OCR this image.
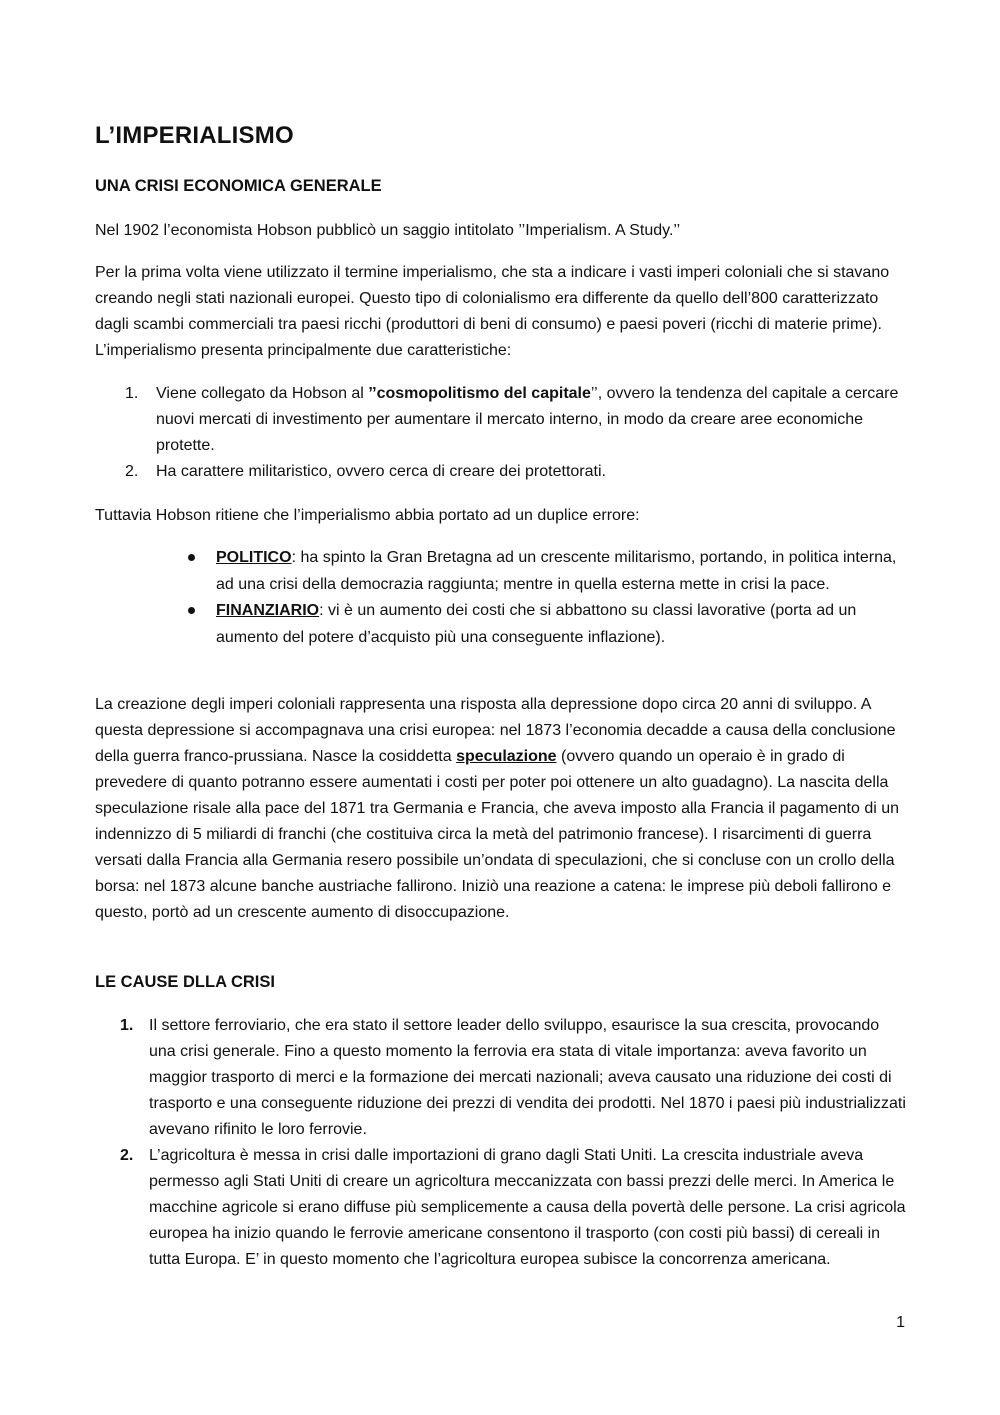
L’IMPERIALISMO
UNA CRISI ECONOMICA GENERALE

Nel 1902 l’economista Hobson pubblicò un saggio intitolato ’’Imperialism. A Study.’’

Per la prima volta viene utilizzato il termine imperialismo, che sta a indicare i vasti imperi coloniali che si stavano creando negli stati nazionali europei. Questo tipo di colonialismo era differente da quello dell’800 caratterizzato dagli scambi commerciali tra paesi ricchi (produttori di beni di consumo) e paesi poveri (ricchi di materie prime). L’imperialismo presenta principalmente due caratteristiche:

1. Viene collegato da Hobson al ’’cosmopolitismo del capitale’’, ovvero la tendenza del capitale a cercare nuovi mercati di investimento per aumentare il mercato interno, in modo da creare aree economiche protette.
2. Ha carattere militaristico, ovvero cerca di creare dei protettorati.

Tuttavia Hobson ritiene che l’imperialismo abbia portato ad un duplice errore:

POLITICO: ha spinto la Gran Bretagna ad un crescente militarismo, portando, in politica interna, ad una crisi della democrazia raggiunta; mentre in quella esterna mette in crisi la pace.
FINANZIARIO: vi è un aumento dei costi che si abbattono su classi lavorative (porta ad un aumento del potere d’acquisto più una conseguente inflazione).

La creazione degli imperi coloniali rappresenta una risposta alla depressione dopo circa 20 anni di sviluppo. A questa depressione si accompagnava una crisi europea: nel 1873 l’economia decadde a causa della conclusione della guerra franco-prussiana. Nasce la cosiddetta speculazione (ovvero quando un operaio è in grado di prevedere di quanto potranno essere aumentati i costi per poter poi ottenere un alto guadagno). La nascita della speculazione risale alla pace del 1871 tra Germania e Francia, che aveva imposto alla Francia il pagamento di un indennizzo di 5 miliardi di franchi (che costituiva circa la metà del patrimonio francese). I risarcimenti di guerra versati dalla Francia alla Germania resero possibile un’ondata di speculazioni, che si concluse con un crollo della borsa: nel 1873 alcune banche austriache fallirono. Iniziò una reazione a catena: le imprese più deboli fallirono e questo, portò ad un crescente aumento di disoccupazione.

LE CAUSE DLLA CRISI
1. Il settore ferroviario, che era stato il settore leader dello sviluppo, esaurisce la sua crescita, provocando una crisi generale. Fino a questo momento la ferrovia era stata di vitale importanza: aveva favorito un maggior trasporto di merci e la formazione dei mercati nazionali; aveva causato una riduzione dei costi di trasporto e una conseguente riduzione dei prezzi di vendita dei prodotti. Nel 1870 i paesi più industrializzati avevano rifinito le loro ferrovie.
2. L’agricoltura è messa in crisi dalle importazioni di grano dagli Stati Uniti. La crescita industriale aveva permesso agli Stati Uniti di creare un agricoltura meccanizzata con bassi prezzi delle merci. In America le macchine agricole si erano diffuse più semplicemente a causa della povertà delle persone. La crisi agricola europea ha inizio quando le ferrovie americane consentono il trasporto (con costi più bassi) di cereali in tutta Europa. E’ in questo momento che l’agricoltura europea subisce la concorrenza americana.
1
